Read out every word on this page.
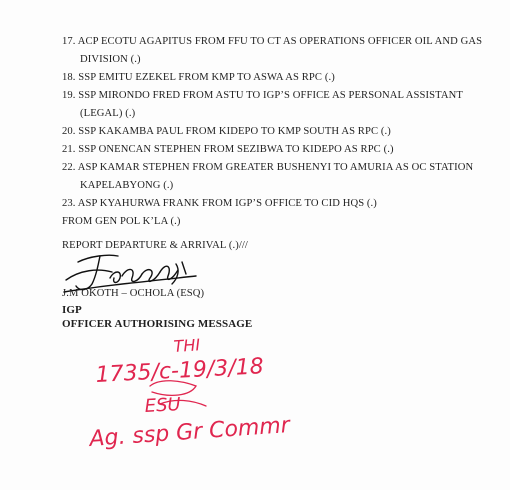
17. ACP ECOTU AGAPITUS FROM FFU TO CT AS OPERATIONS OFFICER OIL AND GAS
DIVISION (.)
18. SSP EMITU EZEKEL FROM KMP TO ASWA AS RPC (.)
19. SSP MIRONDO FRED FROM ASTU TO IGP’S OFFICE AS PERSONAL ASSISTANT
(LEGAL) (.)
20. SSP KAKAMBA PAUL FROM KIDEPO TO KMP SOUTH AS RPC (.)
21. SSP ONENCAN STEPHEN FROM SEZIBWA TO KIDEPO AS RPC (.)
22. ASP KAMAR STEPHEN FROM GREATER BUSHENYI TO AMURIA AS OC STATION
KAPELABYONG (.)
23. ASP KYAHURWA FRANK FROM IGP’S OFFICE TO CID HQS (.)
FROM GEN POL K’LA (.)
REPORT DEPARTURE & ARRIVAL (.)///
J.M OKOTH – OCHOLA (ESQ)
IGP
OFFICER AUTHORISING MESSAGE
THI
1735/c-19/3/18
ESU
Ag. ssp Gr Commr
